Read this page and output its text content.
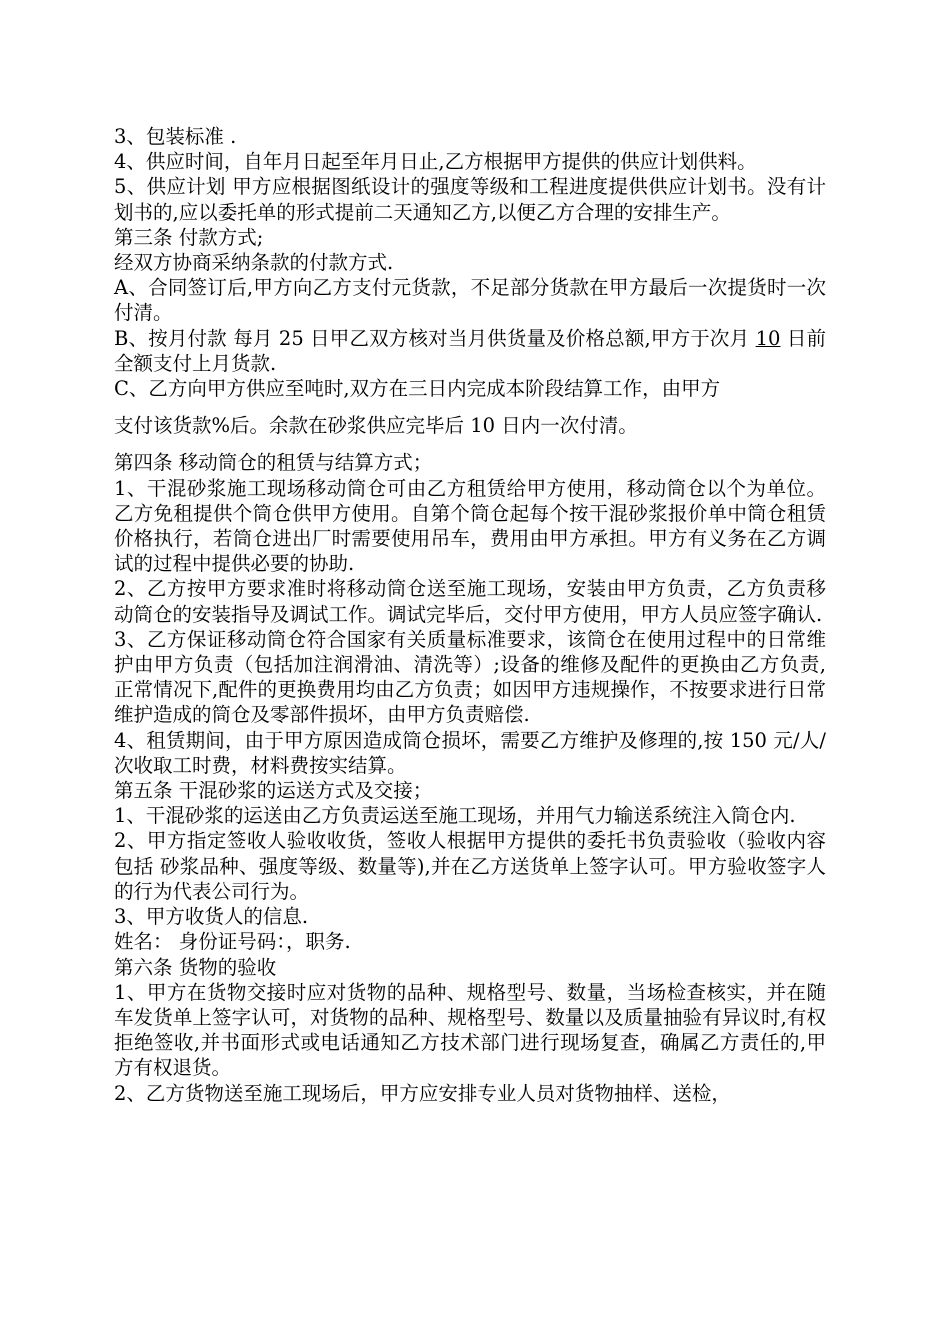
3、包装标准 .

4、供应时间，自年月日起至年月日止,乙方根据甲方提供的供应计划供料。

5、供应计划 甲方应根据图纸设计的强度等级和工程进度提供供应计划书。没有计划书的,应以委托单的形式提前二天通知乙方,以便乙方合理的安排生产。

第三条 付款方式;

经双方协商采纳条款的付款方式.

A、合同签订后,甲方向乙方支付元货款，不足部分货款在甲方最后一次提货时一次付清。

B、按月付款 每月 25 日甲乙双方核对当月供货量及价格总额,甲方于次月 10 日前全额支付上月货款.

C、乙方向甲方供应至吨时,双方在三日内完成本阶段结算工作，由甲方

支付该货款%后。余款在砂浆供应完毕后 10 日内一次付清。

第四条 移动筒仓的租赁与结算方式；

1、干混砂浆施工现场移动筒仓可由乙方租赁给甲方使用，移动筒仓以个为单位。乙方免租提供个筒仓供甲方使用。自第个筒仓起每个按干混砂浆报价单中筒仓租赁价格执行，若筒仓进出厂时需要使用吊车，费用由甲方承担。甲方有义务在乙方调试的过程中提供必要的协助.

2、乙方按甲方要求准时将移动筒仓送至施工现场，安装由甲方负责，乙方负责移动筒仓的安装指导及调试工作。调试完毕后，交付甲方使用，甲方人员应签字确认.

3、乙方保证移动筒仓符合国家有关质量标准要求，该筒仓在使用过程中的日常维护由甲方负责（包括加注润滑油、清洗等）;设备的维修及配件的更换由乙方负责,正常情况下,配件的更换费用均由乙方负责；如因甲方违规操作，不按要求进行日常维护造成的筒仓及零部件损坏，由甲方负责赔偿.

4、租赁期间，由于甲方原因造成筒仓损坏，需要乙方维护及修理的,按 150 元/人/次收取工时费，材料费按实结算。

第五条 干混砂浆的运送方式及交接；

1、干混砂浆的运送由乙方负责运送至施工现场，并用气力输送系统注入筒仓内.

2、甲方指定签收人验收收货，签收人根据甲方提供的委托书负责验收（验收内容包括 砂浆品种、强度等级、数量等),并在乙方送货单上签字认可。甲方验收签字人的行为代表公司行为。

3、甲方收货人的信息.

姓名： 身份证号码：，职务.

第六条 货物的验收

1、甲方在货物交接时应对货物的品种、规格型号、数量，当场检查核实，并在随车发货单上签字认可，对货物的品种、规格型号、数量以及质量抽验有异议时,有权拒绝签收,并书面形式或电话通知乙方技术部门进行现场复查，确属乙方责任的,甲方有权退货。

2、乙方货物送至施工现场后，甲方应安排专业人员对货物抽样、送检，
